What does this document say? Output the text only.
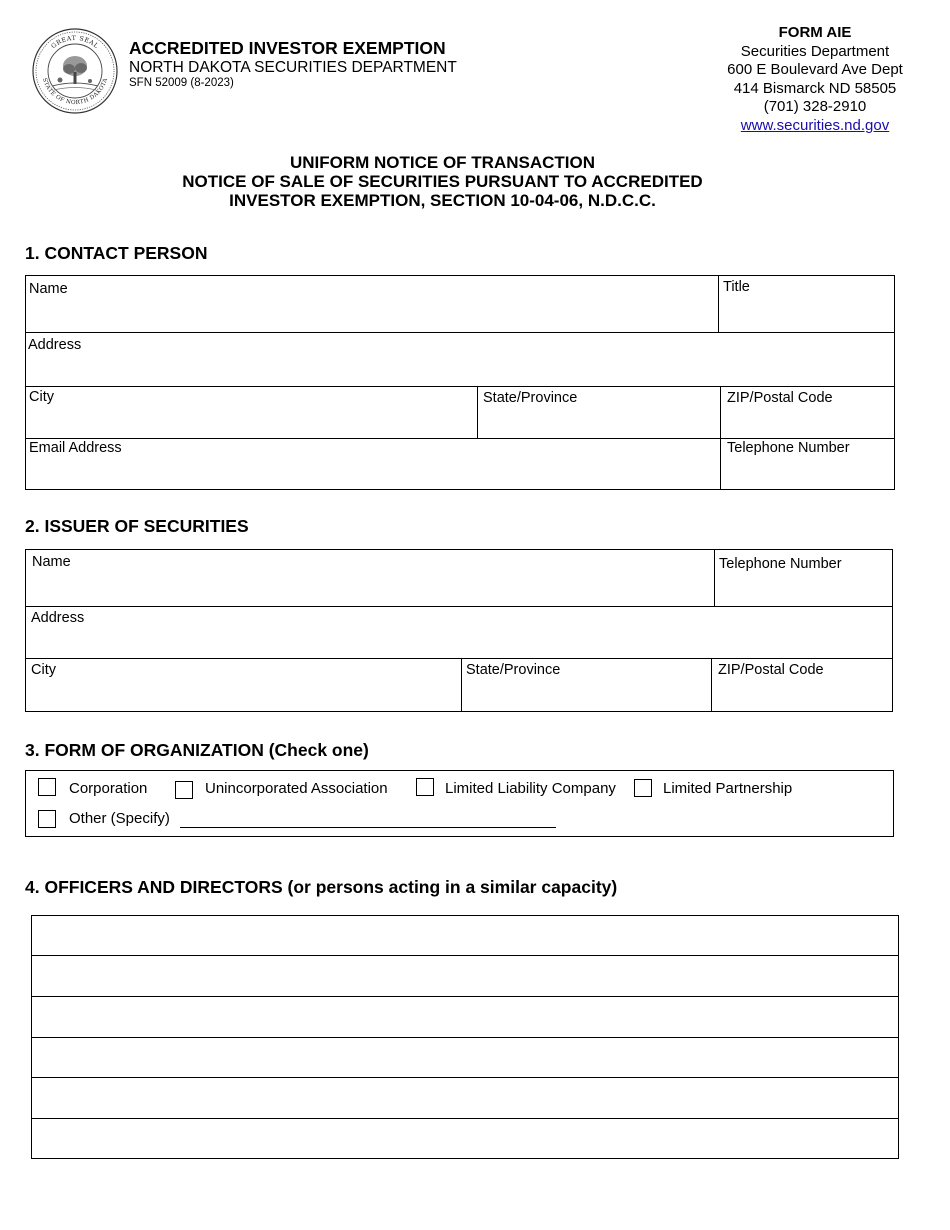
GREAT SEAL
STATE OF NORTH DAKOTA
ACCREDITED INVESTOR EXEMPTION
NORTH DAKOTA SECURITIES DEPARTMENT
SFN 52009 (8-2023)
FORM AIE
Securities Department
600 E Boulevard Ave Dept
414 Bismarck ND 58505
(701) 328-2910
www.securities.nd.gov
UNIFORM NOTICE OF TRANSACTION
NOTICE OF SALE OF SECURITIES PURSUANT TO ACCREDITED
INVESTOR EXEMPTION, SECTION 10-04-06, N.D.C.C.
1. CONTACT PERSON
Name	Title
Address
City	State/Province	ZIP/Postal Code
Email Address	Telephone Number
2. ISSUER OF SECURITIES
Name	Telephone Number
Address
City	State/Province	ZIP/Postal Code
3. FORM OF ORGANIZATION (Check one)
Corporation	Unincorporated Association	Limited Liability Company	Limited Partnership
Other (Specify)
4. OFFICERS AND DIRECTORS (or persons acting in a similar capacity)
